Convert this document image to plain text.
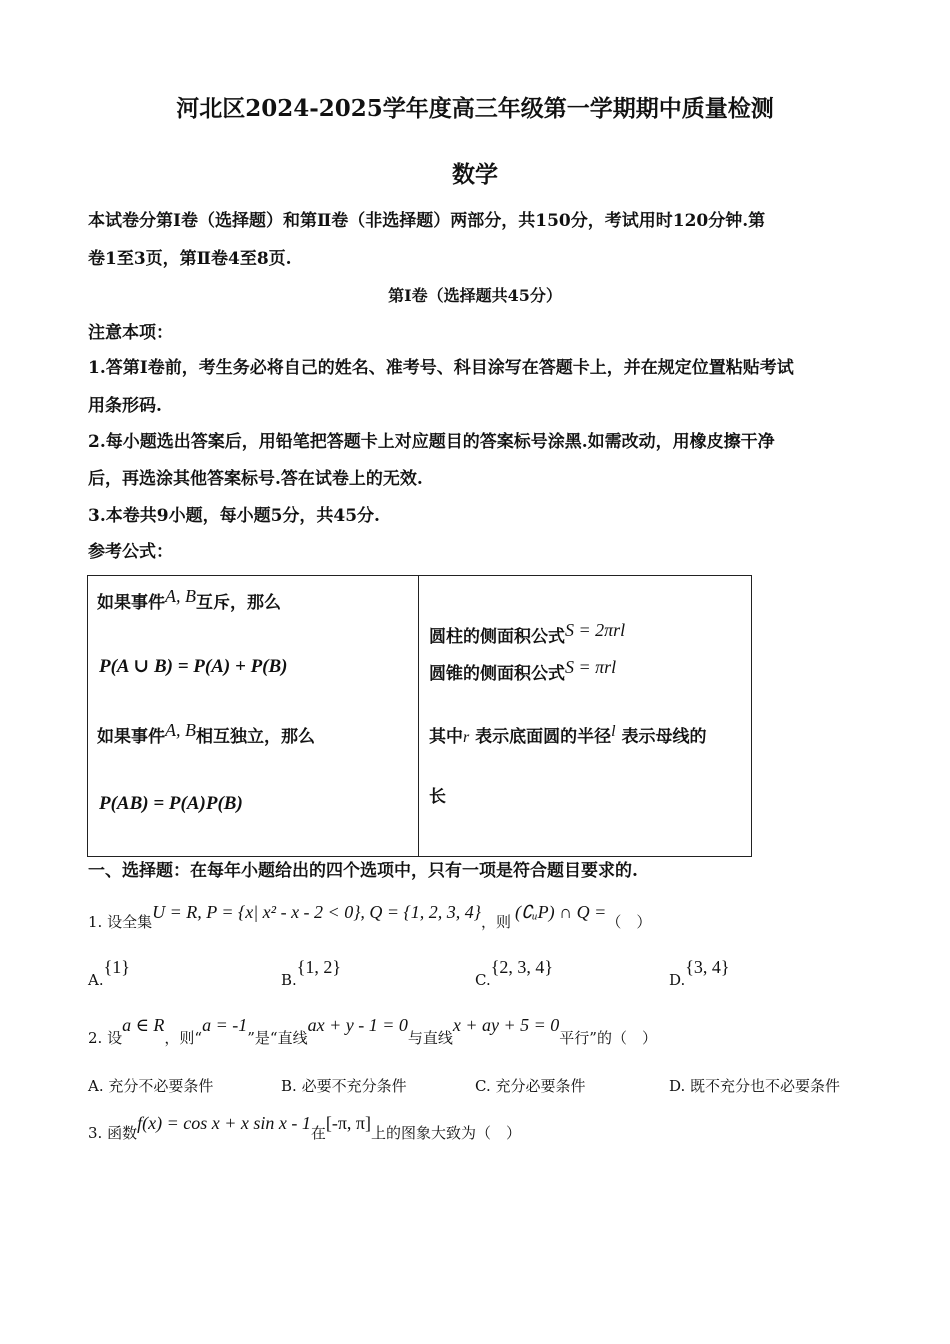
河北区2024-2025学年度高三年级第一学期期中质量检测
数学
本试卷分第Ⅰ卷（选择题）和第Ⅱ卷（非选择题）两部分，共150分，考试用时120分钟.第
卷1至3页，第Ⅱ卷4至8页.
第Ⅰ卷（选择题共45分）
注意本项：
1.答第Ⅰ卷前，考生务必将自己的姓名、准考号、科目涂写在答题卡上，并在规定位置粘贴考试
用条形码.
2.每小题选出答案后，用铅笔把答题卡上对应题目的答案标号涂黑.如需改动，用橡皮擦干净
后，再选涂其他答案标号.答在试卷上的无效.
3.本卷共9小题，每小题5分，共45分.
参考公式：
如果事件A, B互斥，那么
P(A ∪ B) = P(A) + P(B)
如果事件A, B相互独立，那么
P(AB) = P(A)P(B)

圆柱的侧面积公式S = 2πrl
圆锥的侧面积公式S = πrl
其中r 表示底面圆的半径l 表示母线的
长
一、选择题：在每年小题给出的四个选项中，只有一项是符合题目要求的.
1. 设全集U = R, P = {x| x² - x - 2 < 0}, Q = {1, 2, 3, 4}，则 (∁ᵤP) ∩ Q =（　）
A.{1}
B.{1, 2}
C.{2, 3, 4}
D.{3, 4}
2. 设a ∈ R，则“a = -1”是“直线ax + y - 1 = 0与直线x + ay + 5 = 0平行”的（　）
A. 充分不必要条件	B. 必要不充分条件	C. 充分必要条件	D. 既不充分也不必要条件
3. 函数f(x) = cos x + x sin x - 1在[-π, π]上的图象大致为（　）
